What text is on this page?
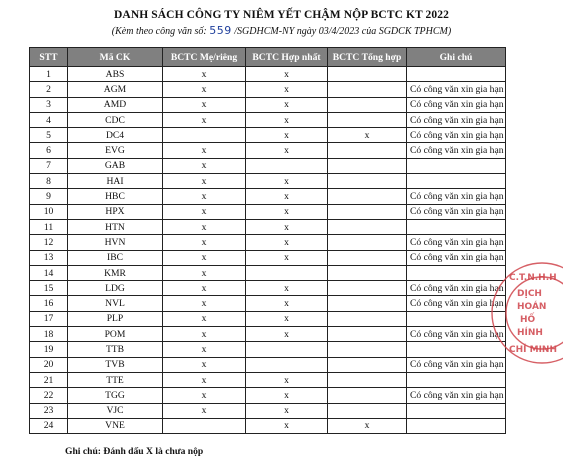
DANH SÁCH CÔNG TY NIÊM YẾT CHẬM NỘP BCTC KT 2022
(Kèm theo công văn số: 559 /SGDHCM-NY ngày 03/4/2023 của SGDCK TPHCM)
STT	Mã CK	BCTC Mẹ/riêng	BCTC Hợp nhất	BCTC Tổng hợp	Ghi chú
1	ABS	x	x		
2	AGM	x	x		Có công văn xin gia hạn
3	AMD	x	x		Có công văn xin gia hạn
4	CDC	x	x		Có công văn xin gia hạn
5	DC4		x	x	Có công văn xin gia hạn
6	EVG	x	x		Có công văn xin gia hạn
7	GAB	x			
8	HAI	x	x		
9	HBC	x	x		Có công văn xin gia hạn
10	HPX	x	x		Có công văn xin gia hạn
11	HTN	x	x		
12	HVN	x	x		Có công văn xin gia hạn
13	IBC	x	x		Có công văn xin gia hạn
14	KMR	x			
15	LDG	x	x		Có công văn xin gia hạn
16	NVL	x	x		Có công văn xin gia hạn
17	PLP	x	x		
18	POM	x	x		Có công văn xin gia hạn
19	TTB	x			
20	TVB	x			Có công văn xin gia hạn
21	TTE	x	x		
22	TGG	x	x		Có công văn xin gia hạn
23	VJC	x	x		
24	VNE		x	x	
Ghi chú: Đánh dấu X là chưa nộp
C.T.N.H.H
DỊCH
HOÁN
HỐ
HÍNH
CHÍ MINH
